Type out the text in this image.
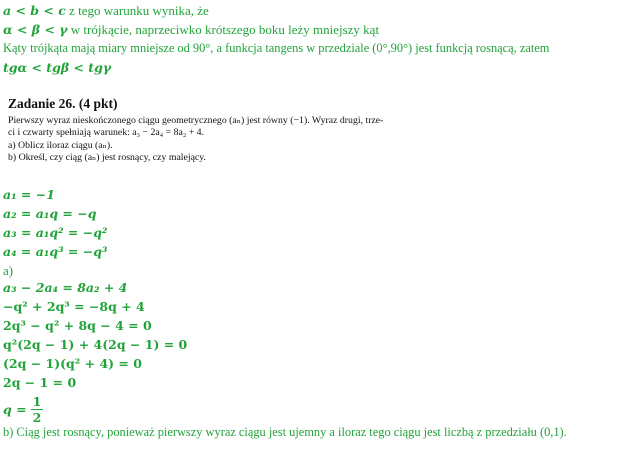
a < b < c z tego warunku wynika, że
α < β < γ w trójkącie, naprzeciwko krótszego boku leży mniejszy kąt
Kąty trójkąta mają miary mniejsze od 90°, a funkcja tangens w przedziale (0°,90°) jest funkcją rosnącą, zatem
tgα < tgβ < tgγ
Zadanie 26. (4 pkt)
Pierwszy wyraz nieskończonego ciągu geometrycznego (aₙ) jest równy (−1). Wyraz drugi, trze-
ci i czwarty spełniają warunek: a₃ − 2a₄ = 8a₂ + 4.
a) Oblicz iloraz ciągu (aₙ).
b) Określ, czy ciąg (aₙ) jest rosnący, czy malejący.
a₁ = −1
a₂ = a₁q = −q
a₃ = a₁q² = −q²
a₄ = a₁q³ = −q³
a)
a₃ − 2a₄ = 8a₂ + 4
−q² + 2q³ = −8q + 4
2q³ − q² + 8q − 4 = 0
q²(2q − 1) + 4(2q − 1) = 0
(2q − 1)(q² + 4) = 0
2q − 1 = 0
$q = \frac{1}{2}$
b) Ciąg jest rosnący, ponieważ pierwszy wyraz ciągu jest ujemny a iloraz tego ciągu jest liczbą z przedziału (0,1).
